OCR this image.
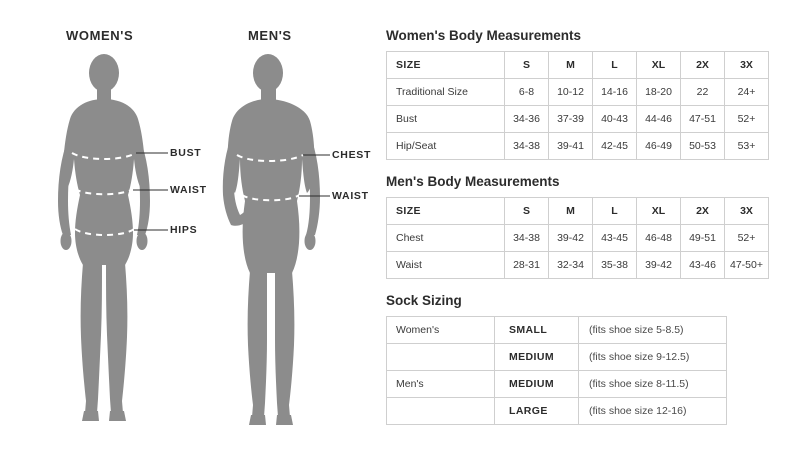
WOMEN'S
BUST
WAIST
HIPS
MEN'S
CHEST
WAIST
Women's Body Measurements
SIZE	S	M	L	XL	2X	3X
Traditional Size	6-8	10-12	14-16	18-20	22	24+
Bust	34-36	37-39	40-43	44-46	47-51	52+
Hip/Seat	34-38	39-41	42-45	46-49	50-53	53+
Men's Body Measurements
SIZE	S	M	L	XL	2X	3X
Chest	34-38	39-42	43-45	46-48	49-51	52+
Waist	28-31	32-34	35-38	39-42	43-46	47-50+
Sock Sizing
Women's	SMALL	(fits shoe size 5-8.5)
	MEDIUM	(fits shoe size 9-12.5)
Men's	MEDIUM	(fits shoe size 8-11.5)
	LARGE	(fits shoe size 12-16)
